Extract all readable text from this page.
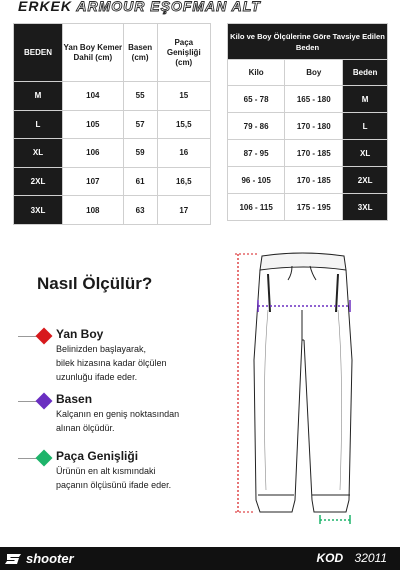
ERKEK ARMOUR EŞOFMAN ALT
BEDEN	Yan Boy Kemer Dahil (cm)	Basen (cm)	Paça Genişliği (cm)
M	104	55	15
L	105	57	15,5
XL	106	59	16
2XL	107	61	16,5
3XL	108	63	17
Kilo ve Boy Ölçülerine Göre Tavsiye Edilen Beden		
Kilo	Boy	Beden
65 - 78	165 - 180	M
79 - 86	170 - 180	L
87 - 95	170 - 185	XL
96 - 105	170 - 185	2XL
106 - 115	175 - 195	3XL
Nasıl Ölçülür?
Yan Boy
Belinizden başlayarak,
bilek hizasına kadar ölçülen
uzunluğu ifade eder.
Basen
Kalçanın en geniş noktasından
alınan ölçüdür.
Paça Genişliği
Ürünün en alt kısmındaki
paçanın ölçüsünü ifade eder.
shooter	KOD 32011
